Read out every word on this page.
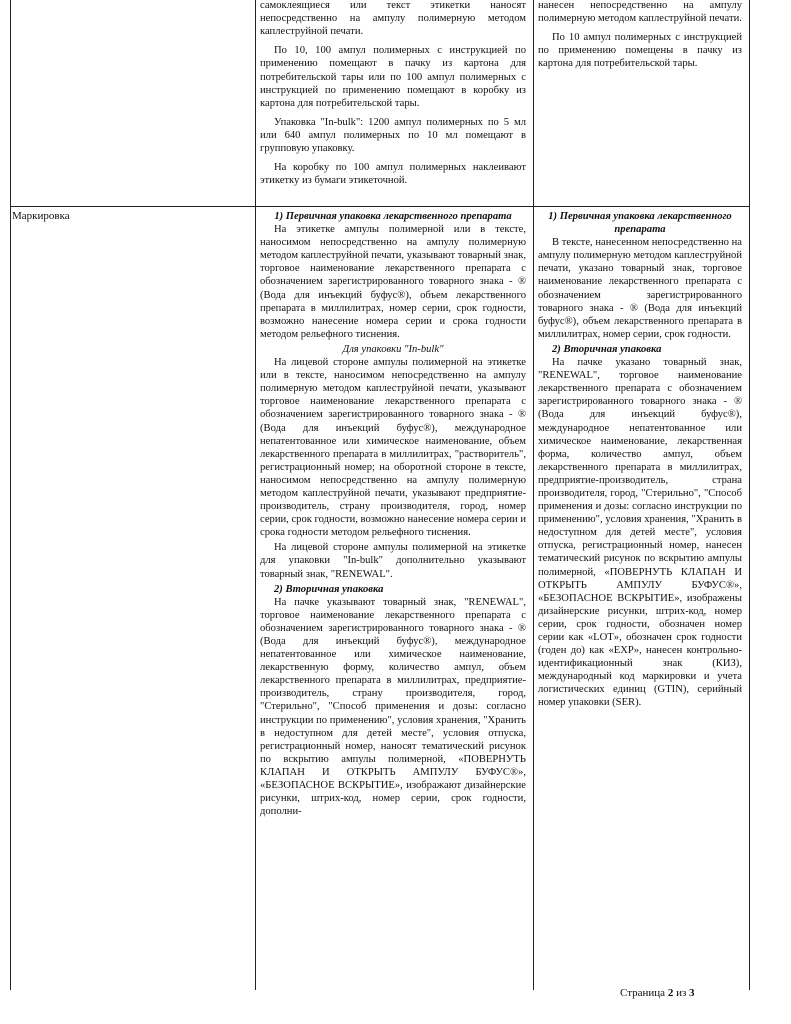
самоклеящиеся или текст этикетки наносят непосредственно на ампулу полимерную методом каплеструйной печати.

По 10, 100 ампул полимерных с инструкцией по применению помещают в пачку из картона для потребительской тары или по 100 ампул полимерных с инструкцией по применению помещают в коробку из картона для потребительской тары.

Упаковка "In-bulk": 1200 ампул полимерных по 5 мл или 640 ампул полимерных по 10 мл помещают в групповую упаковку.

На коробку по 100 ампул полимерных наклеивают этикетку из бумаги этикеточной.

нанесен непосредственно на ампулу полимерную методом каплеструйной печати.

По 10 ампул полимерных с инструкцией по применению помещены в пачку из картона для потребительской тары.

Маркировка	1) Первичная упаковка лекарственного препарата

На этикетке ампулы полимерной или в тексте, наносимом непосредственно на ампулу полимерную методом каплеструйной печати, указывают товарный знак, торговое наименование лекарственного препарата с обозначением зарегистрированного товарного знака - ® (Вода для инъекций буфус®), объем лекарственного препарата в миллилитрах, номер серии, срок годности, возможно нанесение номера серии и срока годности методом рельефного тиснения.

Для упаковки "In-bulk"

На лицевой стороне ампулы полимерной на этикетке или в тексте, наносимом непосредственно на ампулу полимерную методом каплеструйной печати, указывают торговое наименование лекарственного препарата с обозначением зарегистрированного товарного знака - ® (Вода для инъекций буфус®), международное непатентованное или химическое наименование, объем лекарственного препарата в миллилитрах, "растворитель", регистрационный номер; на оборотной стороне в тексте, наносимом непосредственно на ампулу полимерную методом каплеструйной печати, указывают предприятие-производитель, страну производителя, город, номер серии, срок годности, возможно нанесение номера серии и срока годности методом рельефного тиснения.

На лицевой стороне ампулы полимерной на этикетке для упаковки "In-bulk" дополнительно указывают товарный знак, "RENEWAL".

2) Вторичная упаковка

На пачке указывают товарный знак, "RENEWAL", торговое наименование лекарственного препарата с обозначением зарегистрированного товарного знака - ® (Вода для инъекций буфус®), международное непатентованное или химическое наименование, лекарственную форму, количество ампул, объем лекарственного препарата в миллилитрах, предприятие-производитель, страну производителя, город, "Стерильно", "Способ применения и дозы: согласно инструкции по применению", условия хранения, "Хранить в недоступном для детей месте", условия отпуска, регистрационный номер, наносят тематический рисунок по вскрытию ампулы полимерной, «ПОВЕРНУТЬ КЛАПАН И ОТКРЫТЬ АМПУЛУ БУФУС®», «БЕЗОПАСНОЕ ВСКРЫТИЕ», изображают дизайнерские рисунки, штрих-код, номер серии, срок годности, дополни-

1) Первичная упаковка лекарственного препарата

В тексте, нанесенном непосредственно на ампулу полимерную методом каплеструйной печати, указано товарный знак, торговое наименование лекарственного препарата с обозначением зарегистрированного товарного знака - ® (Вода для инъекций буфус®), объем лекарственного препарата в миллилитрах, номер серии, срок годности.

2) Вторичная упаковка

На пачке указано товарный знак, "RENEWAL", торговое наименование лекарственного препарата с обозначением зарегистрированного товарного знака - ® (Вода для инъекций буфус®), международное непатентованное или химическое наименование, лекарственная форма, количество ампул, объем лекарственного препарата в миллилитрах, предприятие-производитель, страна производителя, город, "Стерильно", "Способ применения и дозы: согласно инструкции по применению", условия хранения, "Хранить в недоступном для детей месте", условия отпуска, регистрационный номер, нанесен тематический рисунок по вскрытию ампулы полимерной, «ПОВЕРНУТЬ КЛАПАН И ОТКРЫТЬ АМПУЛУ БУФУС®», «БЕЗОПАСНОЕ ВСКРЫТИЕ», изображены дизайнерские рисунки, штрих-код, номер серии, срок годности, обозначен номер серии как «LOT», обозначен срок годности (годен до) как «EXP», нанесен контрольно-идентификационный знак (КИЗ), международный код маркировки и учета логистических единиц (GTIN), серийный номер упаковки (SER).

Страница 2 из 3
